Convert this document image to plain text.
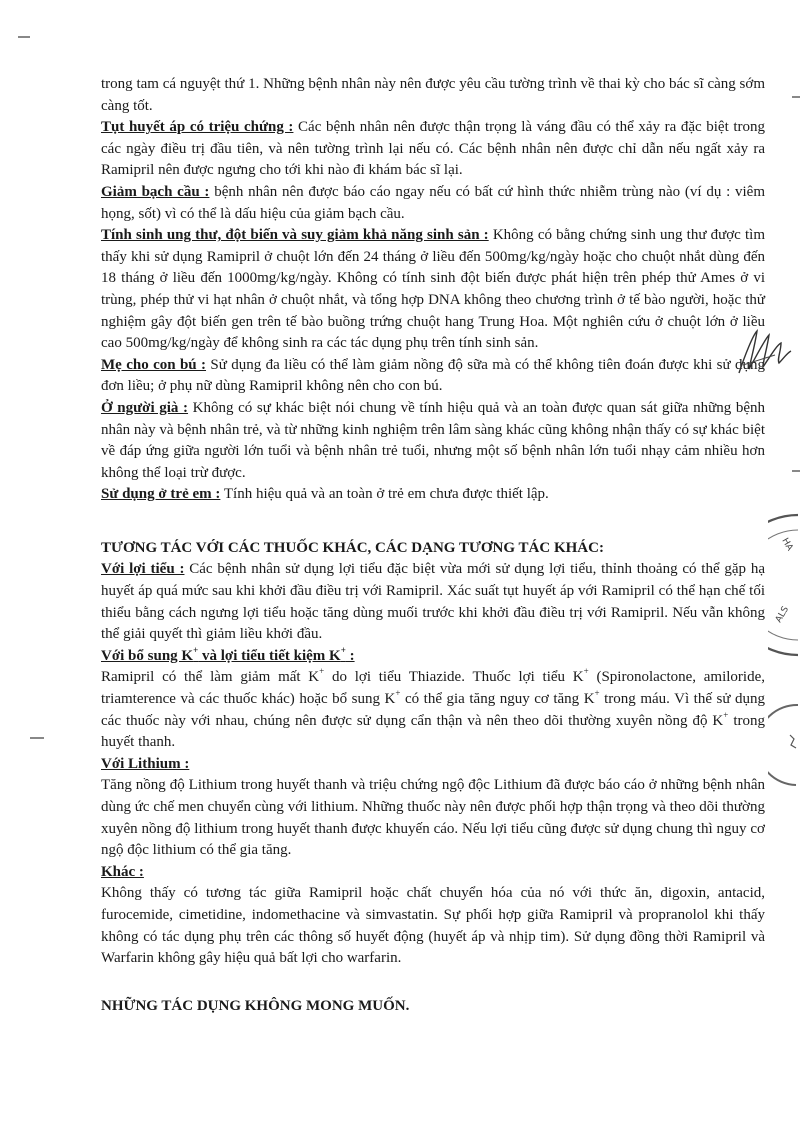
trong tam cá nguyệt thứ 1. Những bệnh nhân này nên được yêu cầu tường trình về thai kỳ cho bác sĩ càng sớm càng tốt.

Tụt huyết áp có triệu chứng : Các bệnh nhân nên được thận trọng là váng đầu có thể xảy ra đặc biệt trong các ngày điều trị đầu tiên, và nên tường trình lại nếu có. Các bệnh nhân nên được chỉ dẫn nếu ngất xảy ra Ramipril nên được ngưng cho tới khi nào đi khám bác sĩ lại.

Giảm bạch cầu : bệnh nhân nên được báo cáo ngay nếu có bất cứ hình thức nhiễm trùng nào (ví dụ : viêm họng, sốt) vì có thể là dấu hiệu của giảm bạch cầu.

Tính sinh ung thư, đột biến và suy giảm khả năng sinh sản : Không có bằng chứng sinh ung thư được tìm thấy khi sử dụng Ramipril ở chuột lớn đến 24 tháng ở liều đến 500mg/kg/ngày hoặc cho chuột nhắt dùng đến 18 tháng ở liều đến 1000mg/kg/ngày. Không có tính sinh đột biến được phát hiện trên phép thử Ames ở vi trùng, phép thử vi hạt nhân ở chuột nhắt, và tổng hợp DNA không theo chương trình ở tế bào người, hoặc thử nghiệm gây đột biến gen trên tế bào buồng trứng chuột hang Trung Hoa. Một nghiên cứu ở chuột lớn ở liều cao 500mg/kg/ngày để không sinh ra các tác dụng phụ trên tính sinh sản.

Mẹ cho con bú : Sử dụng đa liều có thể làm giảm nồng độ sữa mà có thể không tiên đoán được khi sử dụng đơn liều; ở phụ nữ dùng Ramipril không nên cho con bú.

Ở người già : Không có sự khác biệt nói chung về tính hiệu quả và an toàn được quan sát giữa những bệnh nhân này và bệnh nhân trẻ, và từ những kinh nghiệm trên lâm sàng khác cũng không nhận thấy có sự khác biệt về đáp ứng giữa người lớn tuổi và bệnh nhân trẻ tuổi, nhưng một số bệnh nhân lớn tuổi nhạy cảm nhiều hơn không thể loại trừ được.

Sử dụng ở trẻ em : Tính hiệu quả và an toàn ở trẻ em chưa được thiết lập.

TƯƠNG TÁC VỚI CÁC THUỐC KHÁC, CÁC DẠNG TƯƠNG TÁC KHÁC:

Với lợi tiểu : Các bệnh nhân sử dụng lợi tiểu đặc biệt vừa mới sử dụng lợi tiểu, thỉnh thoảng có thể gặp hạ huyết áp quá mức sau khi khởi đầu điều trị với Ramipril. Xác suất tụt huyết áp với Ramipril có thể hạn chế tối thiểu bằng cách ngưng lợi tiểu hoặc tăng dùng muối trước khi khởi đầu điều trị với Ramipril. Nếu vẫn không thể giải quyết thì giảm liều khởi đầu.

Với bổ sung K+ và lợi tiểu tiết kiệm K+ :

Ramipril có thể làm giảm mất K+ do lợi tiểu Thiazide. Thuốc lợi tiểu K+ (Spironolactone, amiloride, triamterence và các thuốc khác) hoặc bổ sung K+ có thể gia tăng nguy cơ tăng K+ trong máu. Vì thế sử dụng các thuốc này với nhau, chúng nên được sử dụng cẩn thận và nên theo dõi thường xuyên nồng độ K+ trong huyết thanh.

Với Lithium :

Tăng nồng độ Lithium trong huyết thanh và triệu chứng ngộ độc Lithium đã được báo cáo ở những bệnh nhân dùng ức chế men chuyển cùng với lithium. Những thuốc này nên được phối hợp thận trọng và theo dõi thường xuyên nồng độ lithium trong huyết thanh được khuyến cáo. Nếu lợi tiểu cũng được sử dụng chung thì nguy cơ ngộ độc lithium có thể gia tăng.

Khác :

Không thấy có tương tác giữa Ramipril hoặc chất chuyển hóa của nó với thức ăn, digoxin, antacid, furocemide, cimetidine, indomethacine và simvastatin. Sự phối hợp giữa Ramipril và propranolol khi thấy không có tác dụng phụ trên các thông số huyết động (huyết áp và nhịp tim). Sử dụng đồng thời Ramipril và Warfarin không gây hiệu quả bất lợi cho warfarin.

NHỮNG TÁC DỤNG KHÔNG MONG MUỐN.

HA
ALS
